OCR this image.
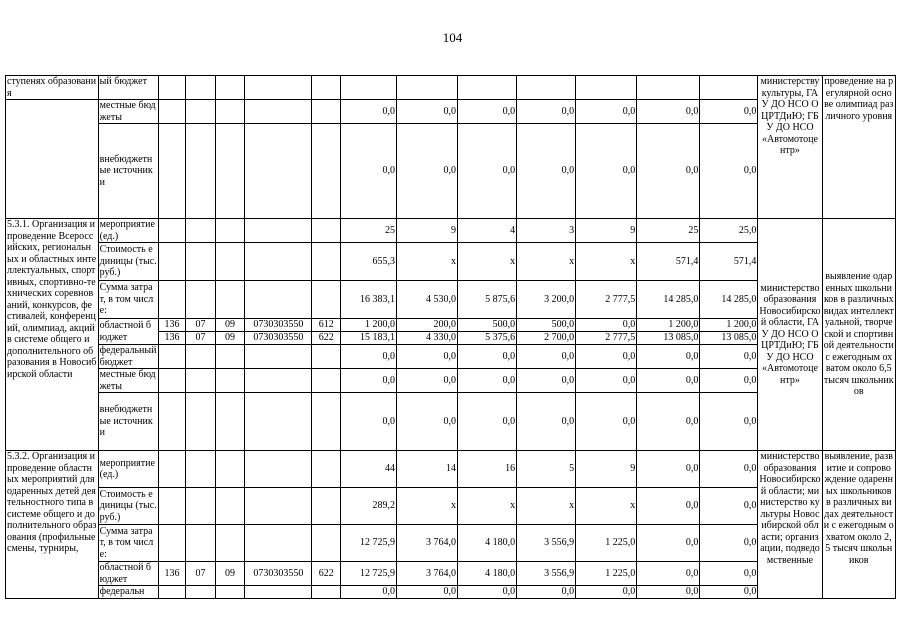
104
ступенях образования	ый бюджет													министерству культуры, ГАУ ДО НСО ОЦРТДиЮ; ГБУ ДО НСО «Автомотоцентр»	проведение на регулярной основе олимпиад различного уровня
	местные бюджеты						0,0	0,0	0,0	0,0	0,0	0,0	0,0		
	внебюджетные источники						0,0	0,0	0,0	0,0	0,0	0,0	0,0		
5.3.1. Организация и проведение Всероссийских, региональных и областных интеллектуальных, спортивных, спортивно-технических соревнований, конкурсов, фестивалей, конференций, олимпиад, акций в системе общего и дополнительного образования в Новосибирской области	мероприятие (ед.)						25	9	4	3	9	25	25,0	министерство образования Новосибирской области, ГАУ ДО НСО ОЦРТДиЮ; ГБУ ДО НСО «Автомотоцентр»	выявление одаренных школьников в различных видах интеллектуальной, творческой и спортивной деятельности с ежегодным охватом около 6,5 тысяч школьников
	Стоимость единицы (тыс. руб.)						655,3	x	x	x	x	571,4	571,4		
	Сумма затрат, в том числе:						16 383,1	4 530,0	5 875,6	3 200,0	2 777,5	14 285,0	14 285,0		
	областной бюджет	136	07	09	0730303550	612	1 200,0	200,0	500,0	500,0	0,0	1 200,0	1 200,0		
		136	07	09	0730303550	622	15 183,1	4 330,0	5 375,6	2 700,0	2 777,5	13 085,0	13 085,0		
	федеральный бюджет						0,0	0,0	0,0	0,0	0,0	0,0	0,0		
	местные бюджеты						0,0	0,0	0,0	0,0	0,0	0,0	0,0		
	внебюджетные источники						0,0	0,0	0,0	0,0	0,0	0,0	0,0		
5.3.2. Организация и проведение областных мероприятий для одаренных детей деятельностного типа в системе общего и дополнительного образования (профильные смены, турниры,	мероприятие (ед.)						44	14	16	5	9	0,0	0,0	министерство образования Новосибирской области; министерство культуры Новосибирской области; организации, подведомственные	выявление, развитие и сопровождение одаренных школьников в различных видах деятельности с ежегодным охватом около 2,5 тысяч школьников
	Стоимость единицы (тыс. руб.)						289,2	x	x	x	x	0,0	0,0		
	Сумма затрат, в том числе:						12 725,9	3 764,0	4 180,0	3 556,9	1 225,0	0,0	0,0		
	областной бюджет	136	07	09	0730303550	622	12 725,9	3 764,0	4 180,0	3 556,9	1 225,0	0,0	0,0		
	федеральн						0,0	0,0	0,0	0,0	0,0	0,0	0,0		
